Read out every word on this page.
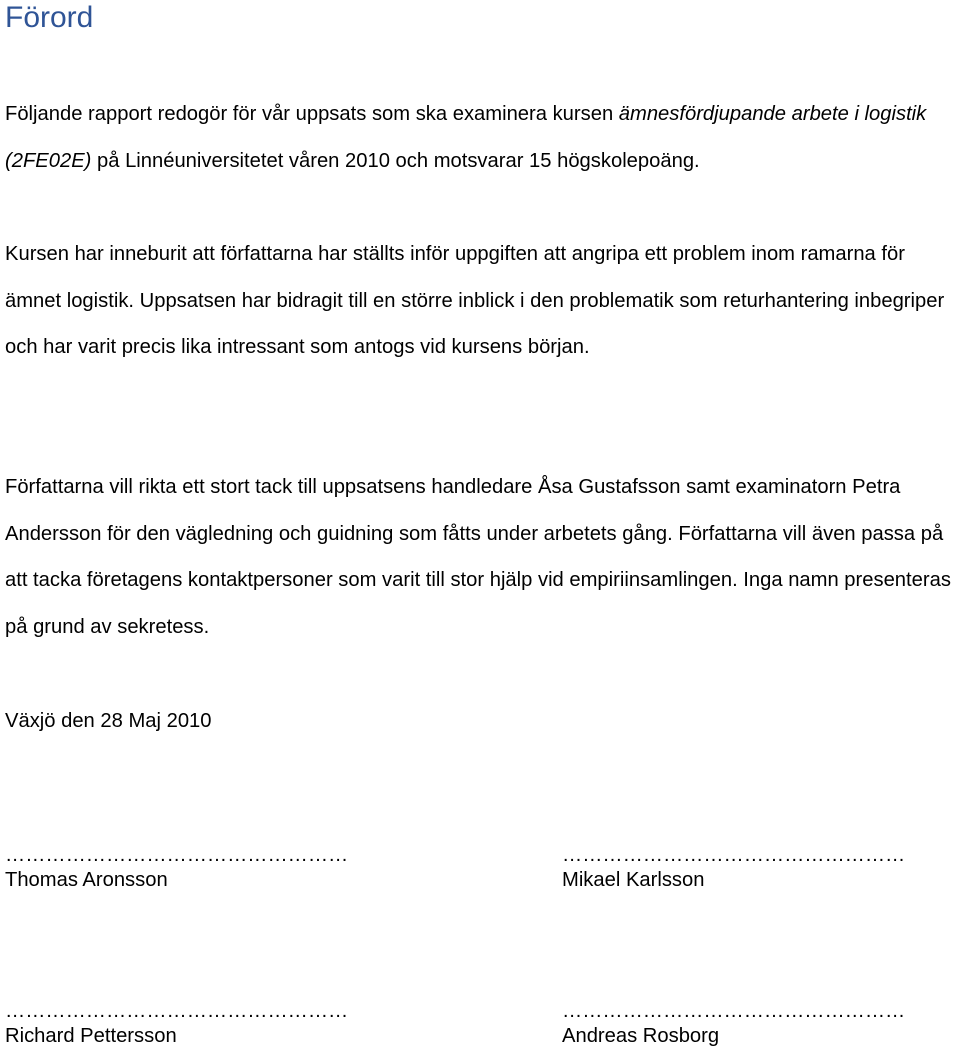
Förord

Följande rapport redogör för vår uppsats som ska examinera kursen ämnesfördjupande arbete i logistik (2FE02E) på Linnéuniversitetet våren 2010 och motsvarar 15 högskolepoäng.

Kursen har inneburit att författarna har ställts inför uppgiften att angripa ett problem inom ramarna för ämnet logistik. Uppsatsen har bidragit till en större inblick i den problematik som returhantering inbegriper och har varit precis lika intressant som antogs vid kursens början.

Författarna vill rikta ett stort tack till uppsatsens handledare Åsa Gustafsson samt examinatorn Petra Andersson för den vägledning och guidning som fåtts under arbetets gång. Författarna vill även passa på att tacka företagens kontaktpersoner som varit till stor hjälp vid empiriinsamlingen. Inga namn presenteras på grund av sekretess.

Växjö den 28 Maj 2010

……………………………………………
Thomas Aronsson
……………………………………………
Mikael Karlsson
……………………………………………
Richard Pettersson
……………………………………………
Andreas Rosborg
